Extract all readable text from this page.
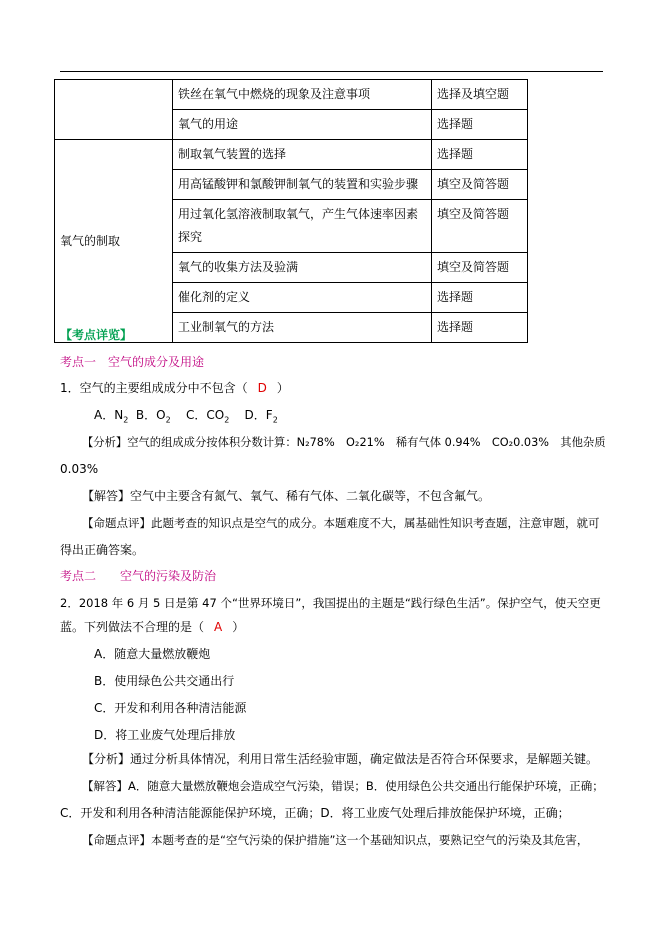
	铁丝在氧气中燃烧的现象及注意事项	选择及填空题
	氧气的用途	选择题
氧气的制取	制取氧气装置的选择	选择题
	用高锰酸钾和氯酸钾制氧气的装置和实验步骤	填空及简答题
	用过氧化氢溶液制取氧气，产生气体速率因素探究	填空及简答题
	氧气的收集方法及验满	填空及简答题
	催化剂的定义	选择题
	工业制氧气的方法	选择题

【考点详览】

考点一　空气的成分及用途

1．空气的主要组成成分中不包含（ D ）

A．$N_2$ B．$O_2$ C．$CO_2$ D．$F_2$

【分析】空气的组成成分按体积分数计算：N₂78%　O₂21%　稀有气体 0.94%　CO₂0.03%　其他杂质

0.03%

【解答】空气中主要含有氮气、氧气、稀有气体、二氧化碳等，不包含氟气。

【命题点评】此题考查的知识点是空气的成分。本题难度不大，属基础性知识考查题，注意审题，就可

得出正确答案。

考点二　　空气的污染及防治

2．2018 年 6 月 5 日是第 47 个“世界环境日”，我国提出的主题是“践行绿色生活”。保护空气，使天空更

蓝。下列做法不合理的是（ A ）

A．随意大量燃放鞭炮

B．使用绿色公共交通出行

C．开发和利用各种清洁能源

D．将工业废气处理后排放

【分析】通过分析具体情况，利用日常生活经验审题，确定做法是否符合环保要求，是解题关键。

【解答】A．随意大量燃放鞭炮会造成空气污染，错误；B．使用绿色公共交通出行能保护环境，正确；

C．开发和利用各种清洁能源能保护环境，正确；D．将工业废气处理后排放能保护环境，正确；

【命题点评】本题考查的是“空气污染的保护措施”这一个基础知识点，要熟记空气的污染及其危害，
